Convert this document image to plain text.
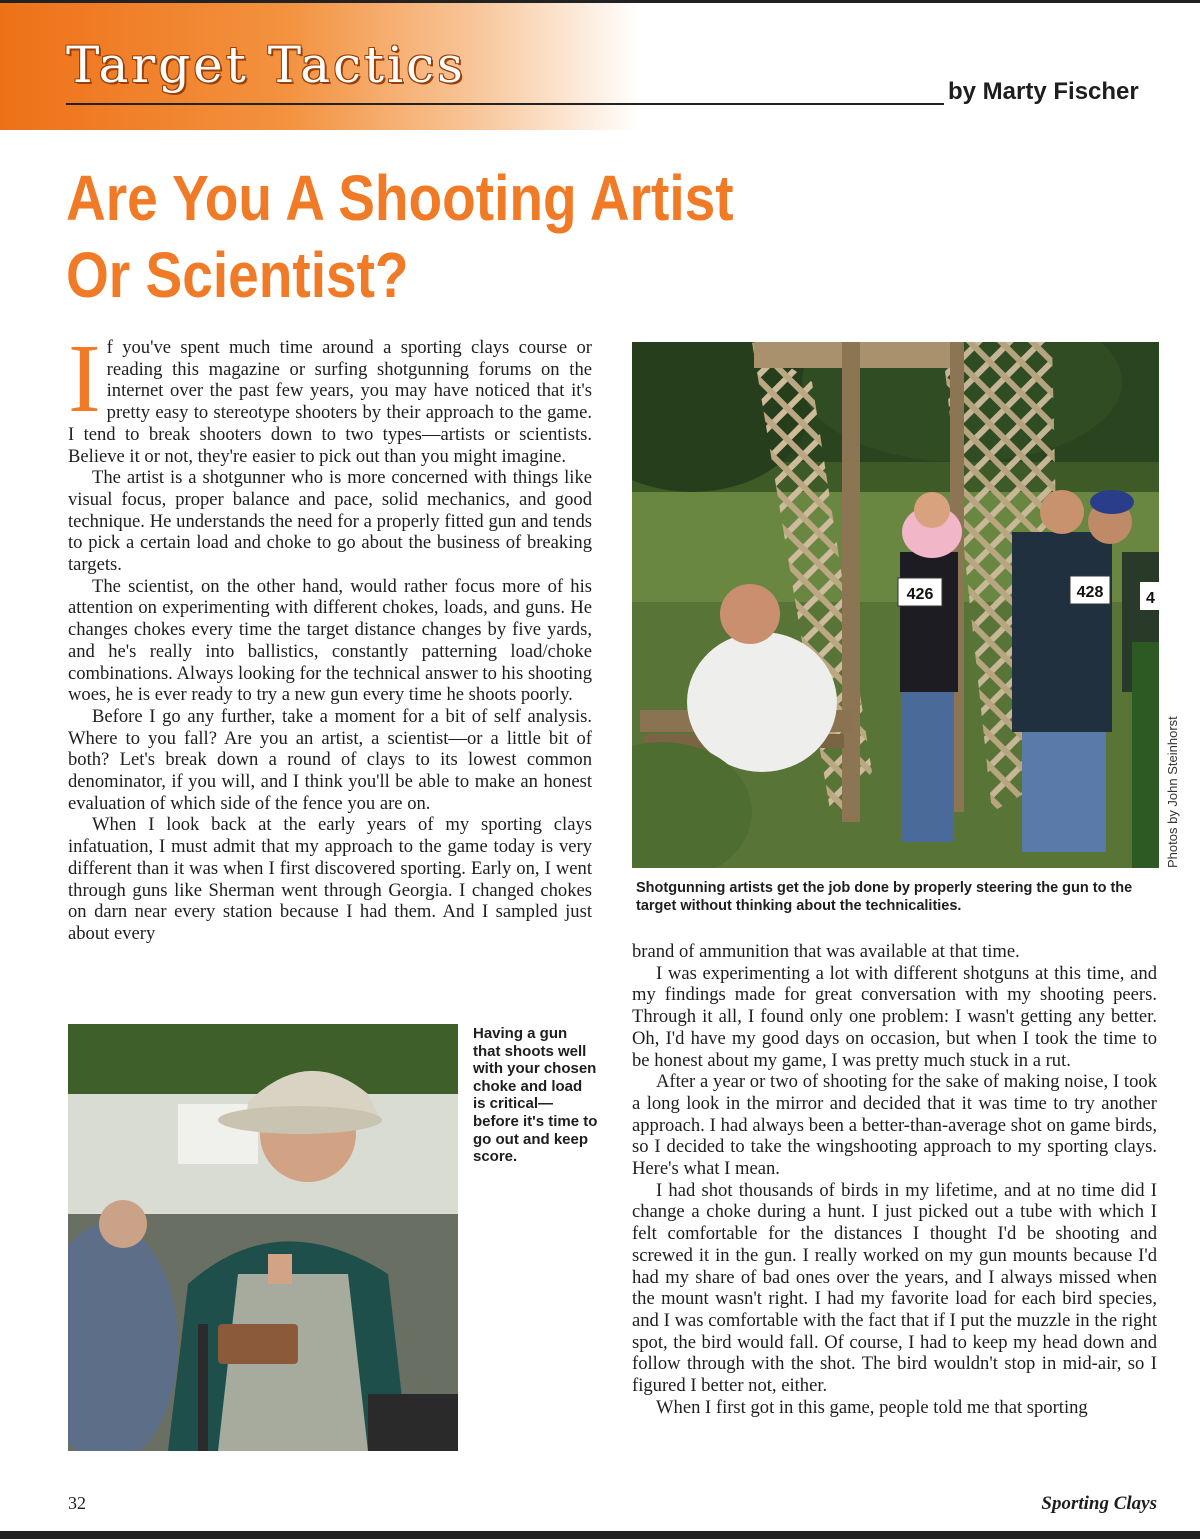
Target Tactics	by Marty Fischer
Are You A Shooting Artist
Or Scientist?

If you've spent much time around a sporting clays course or reading this magazine or surfing shotgunning forums on the internet over the past few years, you may have noticed that it's pretty easy to stereotype shooters by their approach to the game. I tend to break shooters down to two types—artists or scientists. Believe it or not, they're easier to pick out than you might imagine.

The artist is a shotgunner who is more concerned with things like visual focus, proper balance and pace, solid mechanics, and good technique. He understands the need for a properly fitted gun and tends to pick a certain load and choke to go about the business of breaking targets.

The scientist, on the other hand, would rather focus more of his attention on experimenting with different chokes, loads, and guns. He changes chokes every time the target distance changes by five yards, and he's really into ballistics, constantly patterning load/choke combinations. Always looking for the technical answer to his shooting woes, he is ever ready to try a new gun every time he shoots poorly.

Before I go any further, take a moment for a bit of self analysis. Where to you fall? Are you an artist, a scientist—or a little bit of both? Let's break down a round of clays to its lowest common denominator, if you will, and I think you'll be able to make an honest evaluation of which side of the fence you are on.

When I look back at the early years of my sporting clays infatuation, I must admit that my approach to the game today is very different than it was when I first discovered sporting. Early on, I went through guns like Sherman went through Georgia. I changed chokes on darn near every station because I had them. And I sampled just about every

426	428	4
Photos by John Steinhorst
Shotgunning artists get the job done by properly steering the gun to the target without thinking about the technicalities.
Having a gun that shoots well with your chosen choke and load is critical—before it's time to go out and keep score.

brand of ammunition that was available at that time.

I was experimenting a lot with different shotguns at this time, and my findings made for great conversation with my shooting peers. Through it all, I found only one problem: I wasn't getting any better. Oh, I'd have my good days on occasion, but when I took the time to be honest about my game, I was pretty much stuck in a rut.

After a year or two of shooting for the sake of making noise, I took a long look in the mirror and decided that it was time to try another approach. I had always been a better-than-average shot on game birds, so I decided to take the wingshooting approach to my sporting clays. Here's what I mean.

I had shot thousands of birds in my lifetime, and at no time did I change a choke during a hunt. I just picked out a tube with which I felt comfortable for the distances I thought I'd be shooting and screwed it in the gun. I really worked on my gun mounts because I'd had my share of bad ones over the years, and I always missed when the mount wasn't right. I had my favorite load for each bird species, and I was comfortable with the fact that if I put the muzzle in the right spot, the bird would fall. Of course, I had to keep my head down and follow through with the shot. The bird wouldn't stop in mid-air, so I figured I better not, either.

When I first got in this game, people told me that sporting

32	Sporting Clays
